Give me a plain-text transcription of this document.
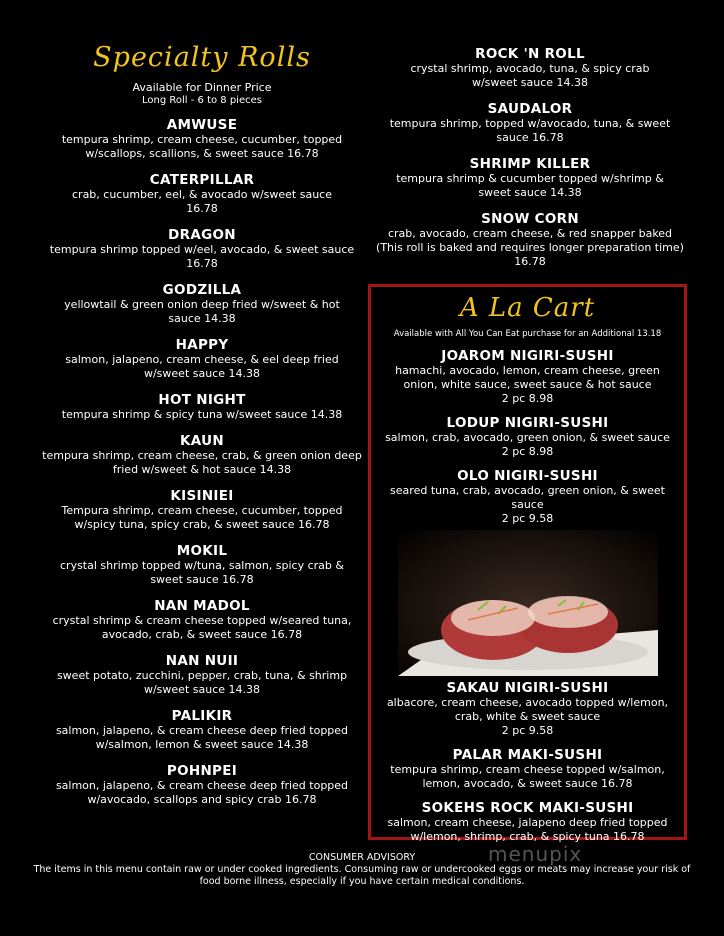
Specialty Rolls
Available for Dinner Price
Long Roll - 6 to 8 pieces
AMWUSE
tempura shrimp, cream cheese, cucumber, topped w/scallops, scallions, & sweet sauce 16.78
CATERPILLAR
crab, cucumber, eel, & avocado w/sweet sauce 16.78
DRAGON
tempura shrimp topped w/eel, avocado, & sweet sauce 16.78
GODZILLA
yellowtail & green onion deep fried w/sweet & hot sauce 14.38
HAPPY
salmon, jalapeno, cream cheese, & eel deep fried w/sweet sauce 14.38
HOT NIGHT
tempura shrimp & spicy tuna w/sweet sauce 14.38
KAUN
tempura shrimp, cream cheese, crab, & green onion deep fried w/sweet & hot sauce 14.38
KISINIEI
Tempura shrimp, cream cheese, cucumber, topped w/spicy tuna, spicy crab, & sweet sauce 16.78
MOKIL
crystal shrimp topped w/tuna, salmon, spicy crab & sweet sauce 16.78
NAN MADOL
crystal shrimp & cream cheese topped w/seared tuna, avocado, crab, & sweet sauce 16.78
NAN NUII
sweet potato, zucchini, pepper, crab, tuna, & shrimp w/sweet sauce 14.38
PALIKIR
salmon, jalapeno, & cream cheese deep fried topped w/salmon, lemon & sweet sauce 14.38
POHNPEI
salmon, jalapeno, & cream cheese deep fried topped w/avocado, scallops and spicy crab 16.78
ROCK 'N ROLL
crystal shrimp, avocado, tuna, & spicy crab w/sweet sauce 14.38
SAUDALOR
tempura shrimp, topped w/avocado, tuna, & sweet sauce 16.78
SHRIMP KILLER
tempura shrimp & cucumber topped w/shrimp & sweet sauce 14.38
SNOW CORN
crab, avocado, cream cheese, & red snapper baked (This roll is baked and requires longer preparation time) 16.78
A La Cart
Available with All You Can Eat purchase for an Additional 13.18
JOAROM NIGIRI-SUSHI
hamachi, avocado, lemon, cream cheese, green onion, white sauce, sweet sauce & hot sauce
2 pc 8.98
LODUP NIGIRI-SUSHI
salmon, crab, avocado, green onion, & sweet sauce
2 pc 8.98
OLO NIGIRI-SUSHI
seared tuna, crab, avocado, green onion, & sweet sauce
2 pc 9.58
SAKAU NIGIRI-SUSHI
albacore, cream cheese, avocado topped w/lemon, crab, white & sweet sauce
2 pc 9.58
PALAR MAKI-SUSHI
tempura shrimp, cream cheese topped w/salmon, lemon, avocado, & sweet sauce 16.78
SOKEHS ROCK MAKI-SUSHI
salmon, cream cheese, jalapeno deep fried topped w/lemon, shrimp, crab, & spicy tuna 16.78
menupix
CONSUMER ADVISORY
The items in this menu contain raw or under cooked ingredients. Consuming raw or undercooked eggs or meats may increase your risk of food borne illness, especially if you have certain medical conditions.
